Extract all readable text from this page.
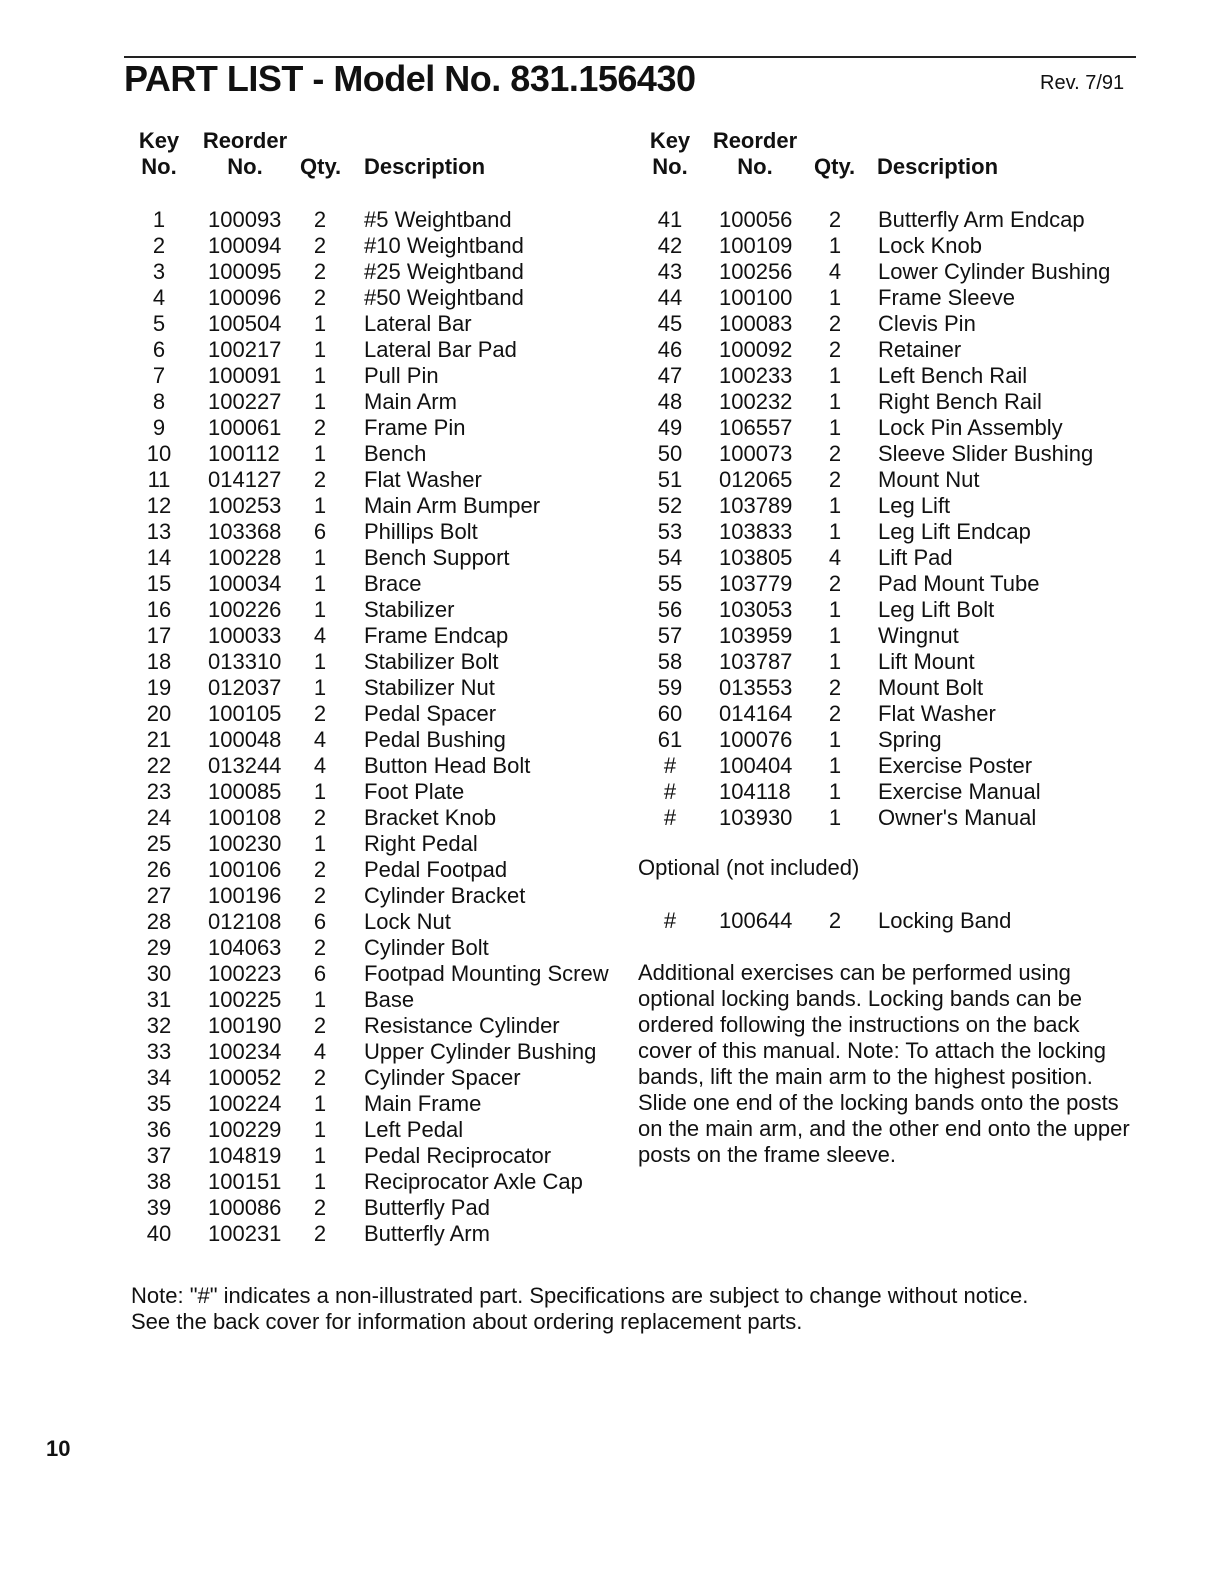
PART LIST - Model No. 831.156430	Rev. 7/91
Key
No.
Reorder
No.	Qty. Description
Key
No.
Reorder
No.	Qty. Description
1	100093	2 #5 Weightband
2	100094	2 #10 Weightband
3	100095	2 #25 Weightband
4	100096	2 #50 Weightband
5	100504	1 Lateral Bar
6	100217	1 Lateral Bar Pad
7	100091	1 Pull Pin
8	100227	1 Main Arm
9	100061	2 Frame Pin
10	100112	1 Bench
11	014127	2 Flat Washer
12	100253	1 Main Arm Bumper
13	103368	6 Phillips Bolt
14	100228	1 Bench Support
15	100034	1 Brace
16	100226	1 Stabilizer
17	100033	4 Frame Endcap
18	013310	1 Stabilizer Bolt
19	012037	1 Stabilizer Nut
20	100105	2 Pedal Spacer
21	100048	4 Pedal Bushing
22	013244	4 Button Head Bolt
23	100085	1 Foot Plate
24	100108	2 Bracket Knob
25	100230	1 Right Pedal
26	100106	2 Pedal Footpad
27	100196	2 Cylinder Bracket
28	012108	6 Lock Nut
29	104063	2 Cylinder Bolt
30	100223	6 Footpad Mounting Screw
31	100225	1 Base
32	100190	2 Resistance Cylinder
33	100234	4 Upper Cylinder Bushing
34	100052	2 Cylinder Spacer
35	100224	1 Main Frame
36	100229	1 Left Pedal
37	104819	1 Pedal Reciprocator
38	100151	1 Reciprocator Axle Cap
39	100086	2 Butterfly Pad
40	100231	2 Butterfly Arm
41	100056	2 Butterfly Arm Endcap
42	100109	1 Lock Knob
43	100256	4 Lower Cylinder Bushing
44	100100	1 Frame Sleeve
45	100083	2 Clevis Pin
46	100092	2 Retainer
47	100233	1 Left Bench Rail
48	100232	1 Right Bench Rail
49	106557	1 Lock Pin Assembly
50	100073	2 Sleeve Slider Bushing
51	012065	2 Mount Nut
52	103789	1 Leg Lift
53	103833	1 Leg Lift Endcap
54	103805	4 Lift Pad
55	103779	2 Pad Mount Tube
56	103053	1 Leg Lift Bolt
57	103959	1 Wingnut
58	103787	1 Lift Mount
59	013553	2 Mount Bolt
60	014164	2 Flat Washer
61	100076	1 Spring
#	100404	1 Exercise Poster
#	104118	1 Exercise Manual
#	103930	1 Owner's Manual
Optional (not included)
#	100644	2 Locking Band
Additional exercises can be performed using
optional locking bands. Locking bands can be
ordered following the instructions on the back
cover of this manual. Note: To attach the locking
bands, lift the main arm to the highest position.
Slide one end of the locking bands onto the posts
on the main arm, and the other end onto the upper
posts on the frame sleeve.
Note: "#" indicates a non-illustrated part. Specifications are subject to change without notice.
See the back cover for information about ordering replacement parts.
10
